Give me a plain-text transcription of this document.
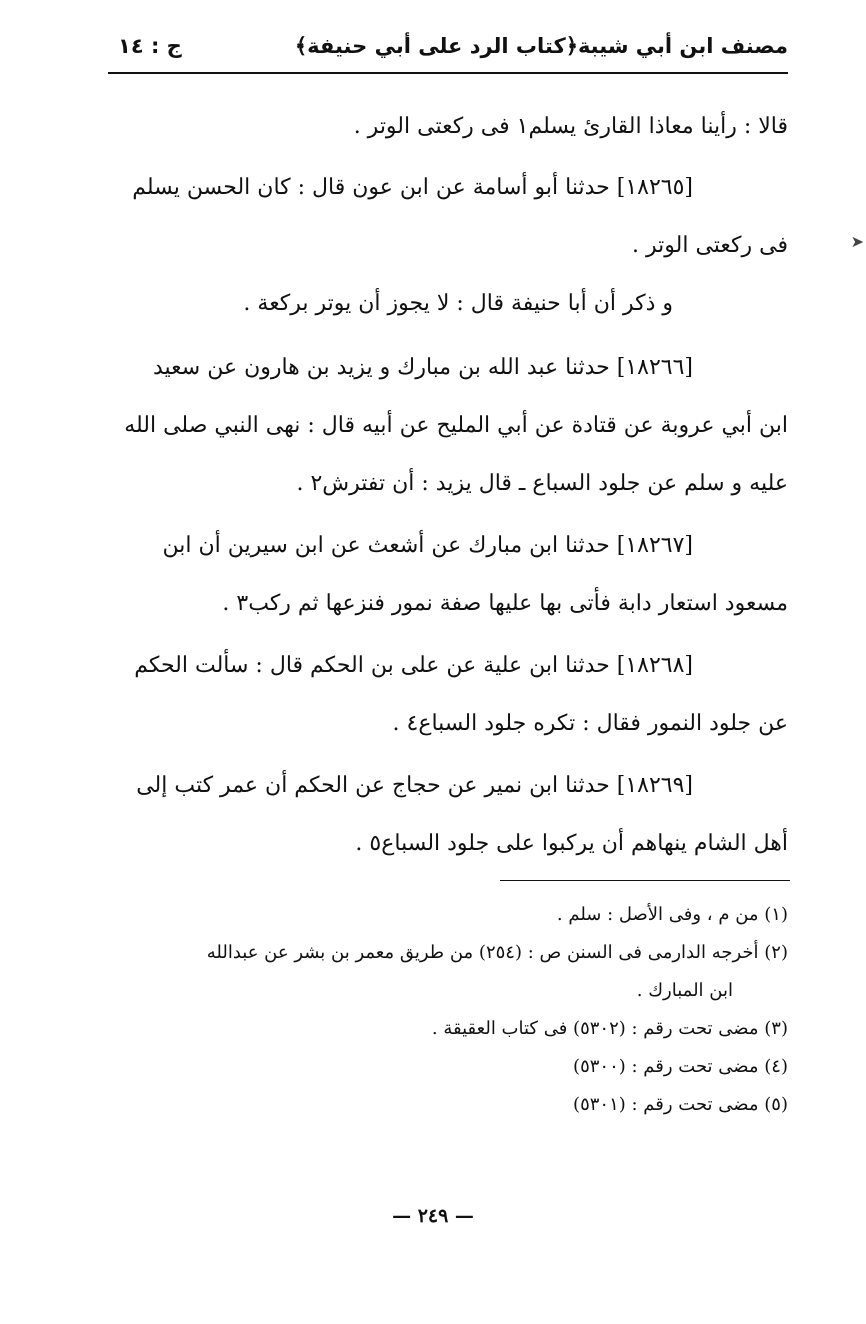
مصنف ابن أبي شيبة
﴿كتاب الرد على أبي حنيفة﴾
ج : ١٤
➤
قالا : رأينا معاذا القارئ يسلم١ فى ركعتى الوتر .
[١٨٢٦٥] حدثنا أبو أسامة عن ابن عون قال : كان الحسن يسلم
فى ركعتى الوتر .
و ذكر أن أبا حنيفة قال : لا يجوز أن يوتر بركعة .
[١٨٢٦٦] حدثنا عبد الله بن مبارك و يزيد بن هارون عن سعيد
ابن أبي عروبة عن قتادة عن أبي المليح عن أبيه قال : نهى النبي صلى الله
عليه و سلم عن جلود السباع ـ قال يزيد : أن تفترش٢ .
[١٨٢٦٧] حدثنا ابن مبارك عن أشعث عن ابن سيرين أن ابن
مسعود استعار دابة فأتى بها عليها صفة نمور فنزعها ثم ركب٣ .
[١٨٢٦٨] حدثنا ابن علية عن على بن الحكم قال : سألت الحكم
عن جلود النمور فقال : تكره جلود السباع٤ .
[١٨٢٦٩] حدثنا ابن نمير عن حجاج عن الحكم أن عمر كتب إلى
أهل الشام ينهاهم أن يركبوا على جلود السباع٥ .
(١) من م ، وفى الأصل : سلم .
(٢) أخرجه الدارمى فى السنن ص : (٢٥٤) من طريق معمر بن بشر عن عبدالله
ابن المبارك .
(٣) مضى تحت رقم : (٥٣٠٢) فى كتاب العقيقة .
(٤) مضى تحت رقم : (٥٣٠٠)
(٥) مضى تحت رقم : (٥٣٠١)
— ٢٤٩ —
